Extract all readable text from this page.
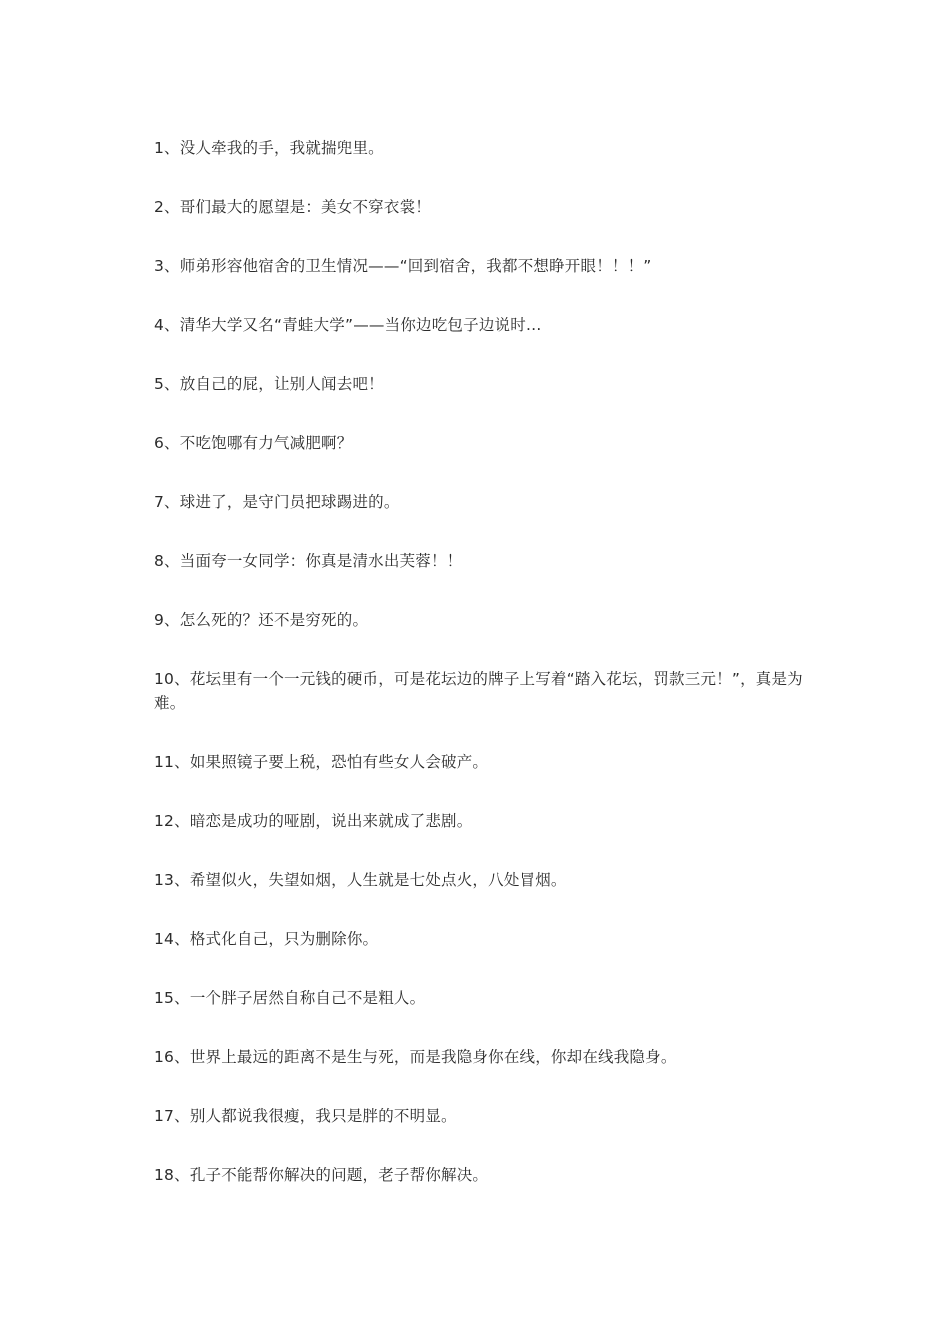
1、没人牵我的手，我就揣兜里。
2、哥们最大的愿望是：美女不穿衣裳！
3、师弟形容他宿舍的卫生情况——“回到宿舍，我都不想睁开眼！！！”
4、清华大学又名“青蛙大学”——当你边吃包子边说时…
5、放自己的屁，让别人闻去吧！
6、不吃饱哪有力气减肥啊？
7、球进了，是守门员把球踢进的。
8、当面夸一女同学：你真是清水出芙蓉！！
9、怎么死的？还不是穷死的。
10、花坛里有一个一元钱的硬币，可是花坛边的牌子上写着“踏入花坛，罚款三元！”，真是为难。
11、如果照镜子要上税，恐怕有些女人会破产。
12、暗恋是成功的哑剧，说出来就成了悲剧。
13、希望似火，失望如烟，人生就是七处点火，八处冒烟。
14、格式化自己，只为删除你。
15、一个胖子居然自称自己不是粗人。
16、世界上最远的距离不是生与死，而是我隐身你在线，你却在线我隐身。
17、别人都说我很瘦，我只是胖的不明显。
18、孔子不能帮你解决的问题，老子帮你解决。
